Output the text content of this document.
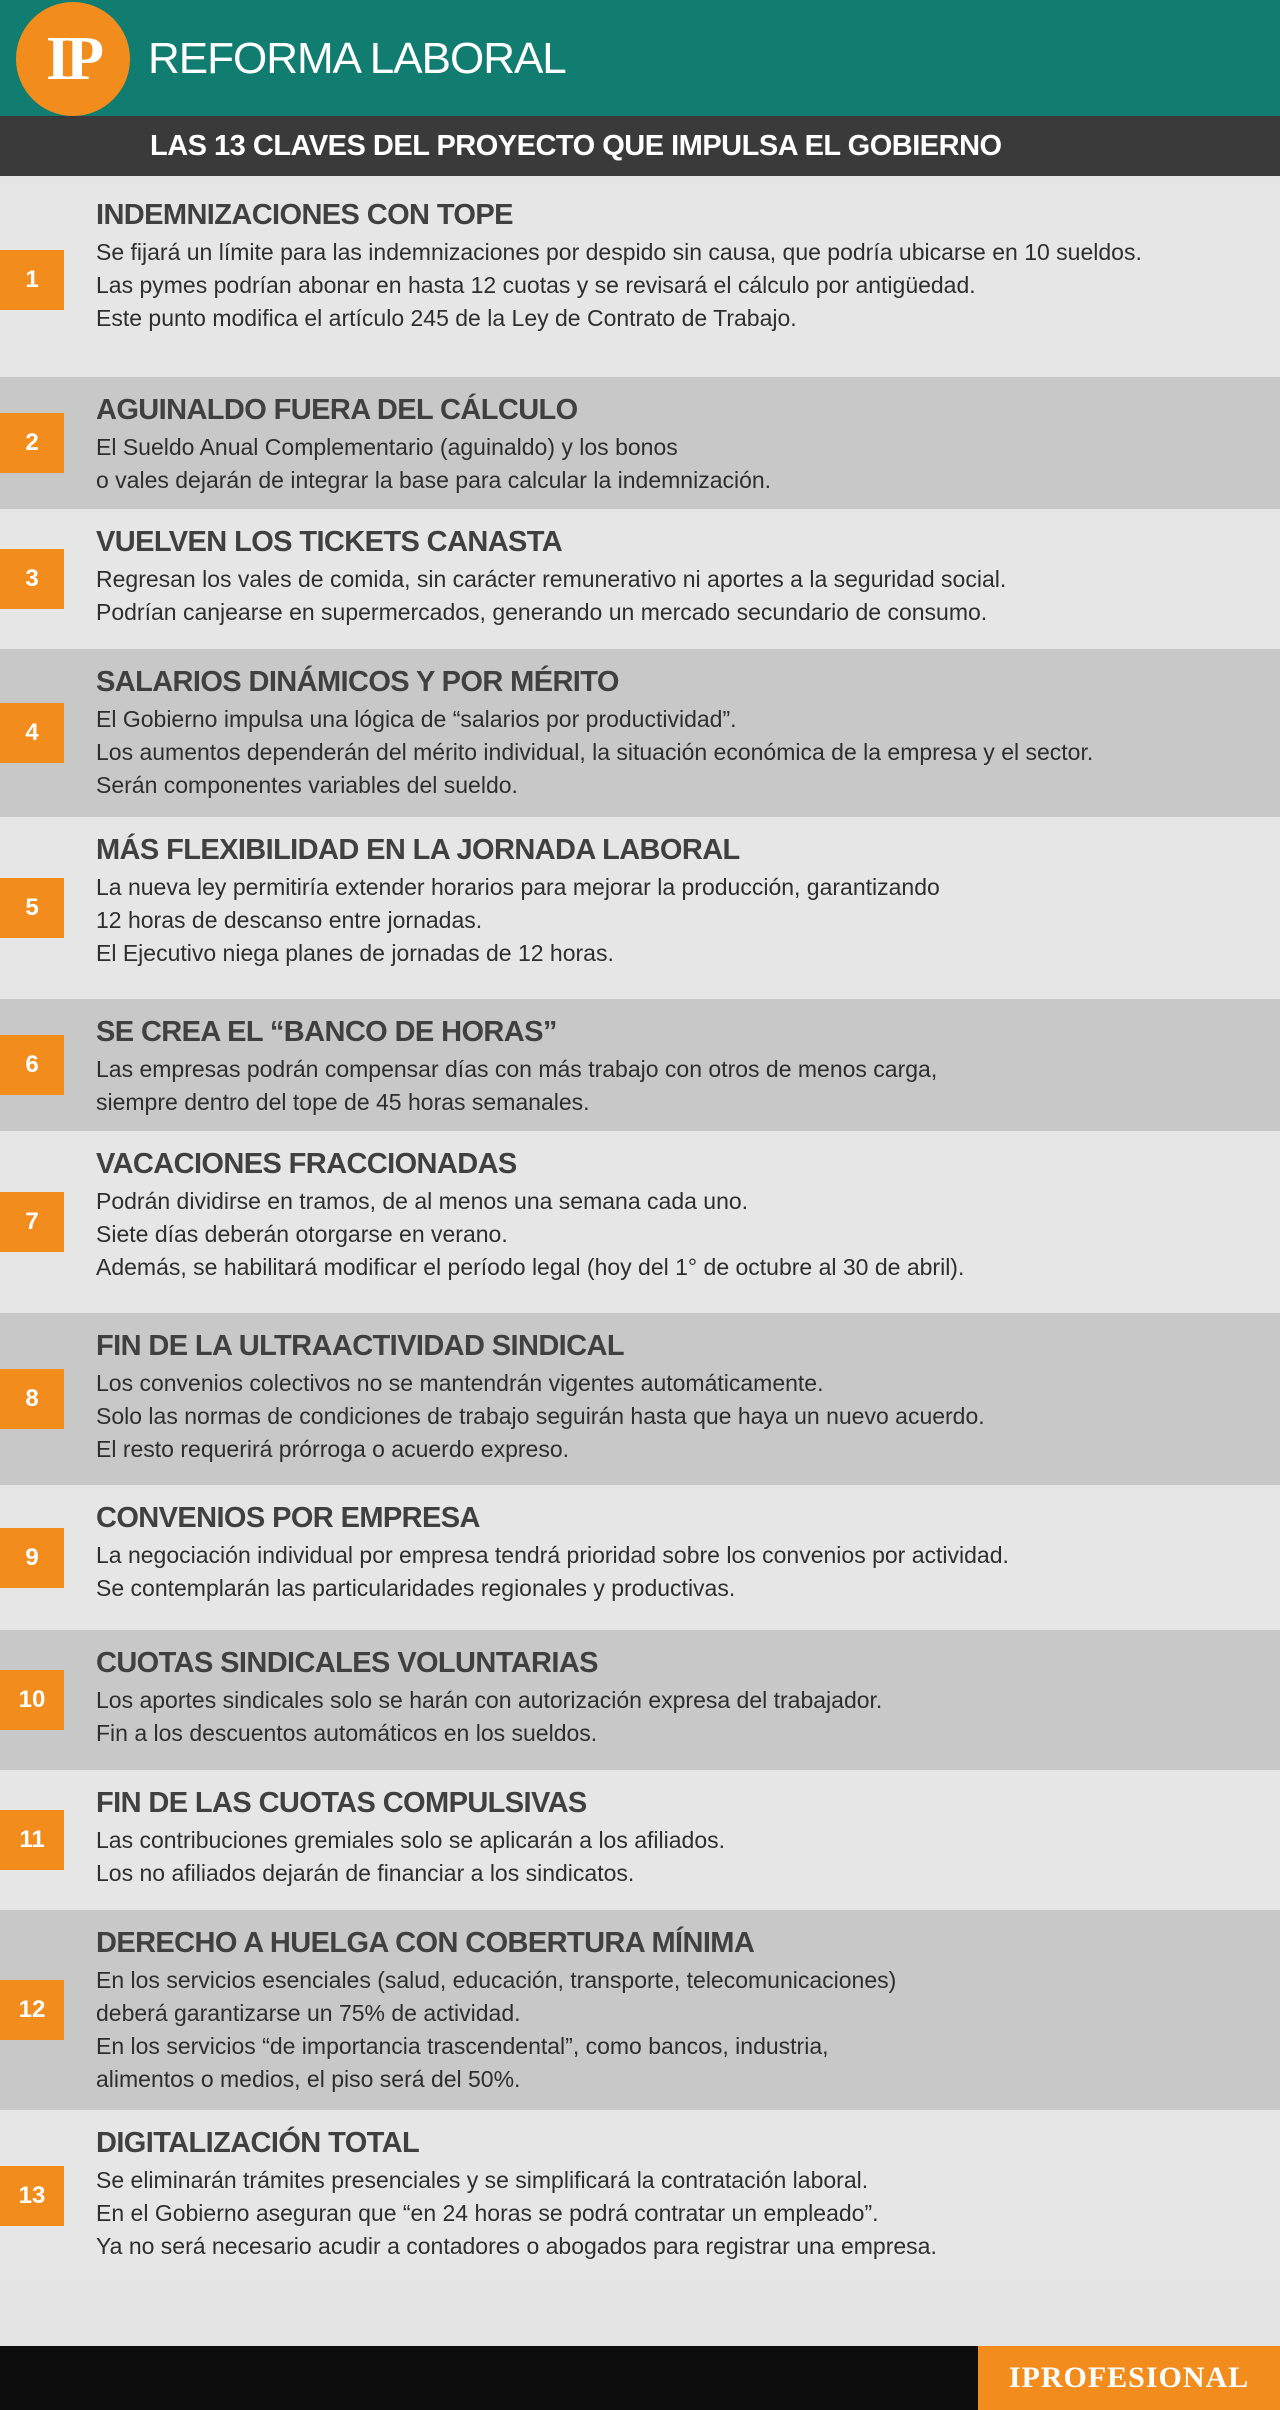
IP	REFORMA LABORAL
LAS 13 CLAVES DEL PROYECTO QUE IMPULSA EL GOBIERNO
1
INDEMNIZACIONES CON TOPE
Se fijará un límite para las indemnizaciones por despido sin causa, que podría ubicarse en 10 sueldos.
Las pymes podrían abonar en hasta 12 cuotas y se revisará el cálculo por antigüedad.
Este punto modifica el artículo 245 de la Ley de Contrato de Trabajo.
2
AGUINALDO FUERA DEL CÁLCULO
El Sueldo Anual Complementario (aguinaldo) y los bonos
o vales dejarán de integrar la base para calcular la indemnización.
3
VUELVEN LOS TICKETS CANASTA
Regresan los vales de comida, sin carácter remunerativo ni aportes a la seguridad social.
Podrían canjearse en supermercados, generando un mercado secundario de consumo.
4
SALARIOS DINÁMICOS Y POR MÉRITO
El Gobierno impulsa una lógica de “salarios por productividad”.
Los aumentos dependerán del mérito individual, la situación económica de la empresa y el sector.
Serán componentes variables del sueldo.
5
MÁS FLEXIBILIDAD EN LA JORNADA LABORAL
La nueva ley permitiría extender horarios para mejorar la producción, garantizando
12 horas de descanso entre jornadas.
El Ejecutivo niega planes de jornadas de 12 horas.
6
SE CREA EL “BANCO DE HORAS”
Las empresas podrán compensar días con más trabajo con otros de menos carga,
siempre dentro del tope de 45 horas semanales.
7
VACACIONES FRACCIONADAS
Podrán dividirse en tramos, de al menos una semana cada uno.
Siete días deberán otorgarse en verano.
Además, se habilitará modificar el período legal (hoy del 1° de octubre al 30 de abril).
8
FIN DE LA ULTRAACTIVIDAD SINDICAL
Los convenios colectivos no se mantendrán vigentes automáticamente.
Solo las normas de condiciones de trabajo seguirán hasta que haya un nuevo acuerdo.
El resto requerirá prórroga o acuerdo expreso.
9
CONVENIOS POR EMPRESA
La negociación individual por empresa tendrá prioridad sobre los convenios por actividad.
Se contemplarán las particularidades regionales y productivas.
10
CUOTAS SINDICALES VOLUNTARIAS
Los aportes sindicales solo se harán con autorización expresa del trabajador.
Fin a los descuentos automáticos en los sueldos.
11
FIN DE LAS CUOTAS COMPULSIVAS
Las contribuciones gremiales solo se aplicarán a los afiliados.
Los no afiliados dejarán de financiar a los sindicatos.
12
DERECHO A HUELGA CON COBERTURA MÍNIMA
En los servicios esenciales (salud, educación, transporte, telecomunicaciones)
deberá garantizarse un 75% de actividad.
En los servicios “de importancia trascendental”, como bancos, industria,
alimentos o medios, el piso será del 50%.
13
DIGITALIZACIÓN TOTAL
Se eliminarán trámites presenciales y se simplificará la contratación laboral.
En el Gobierno aseguran que “en 24 horas se podrá contratar un empleado”.
Ya no será necesario acudir a contadores o abogados para registrar una empresa.
IPROFESIONAL
